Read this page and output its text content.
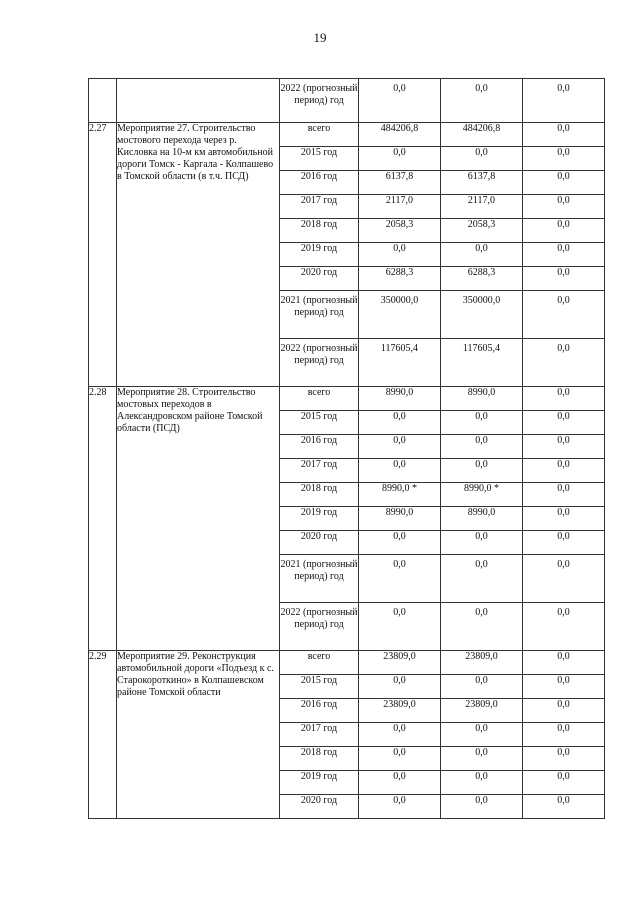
19
		2022 (прогнозный период) год	0,0	0,0	0,0
2.27	Мероприятие 27. Строительство мостового перехода через р. Кисловка на 10-м км автомобильной дороги Томск - Каргала - Колпашево в Томской области (в т.ч. ПСД)	всего	484206,8	484206,8	0,0
		2015 год	0,0	0,0	0,0
		2016 год	6137,8	6137,8	0,0
		2017 год	2117,0	2117,0	0,0
		2018 год	2058,3	2058,3	0,0
		2019 год	0,0	0,0	0,0
		2020 год	6288,3	6288,3	0,0
		2021 (прогнозный период) год	350000,0	350000,0	0,0
		2022 (прогнозный период) год	117605,4	117605,4	0,0
2.28	Мероприятие 28. Строительство мостовых переходов в Александровском районе Томской области (ПСД)	всего	8990,0	8990,0	0,0
		2015 год	0,0	0,0	0,0
		2016 год	0,0	0,0	0,0
		2017 год	0,0	0,0	0,0
		2018 год	8990,0 *	8990,0 *	0,0
		2019 год	8990,0	8990,0	0,0
		2020 год	0,0	0,0	0,0
		2021 (прогнозный период) год	0,0	0,0	0,0
		2022 (прогнозный период) год	0,0	0,0	0,0
2.29	Мероприятие 29. Реконструкция автомобильной дороги «Подъезд к с. Старокороткино» в Колпашевском районе Томской области	всего	23809,0	23809,0	0,0
		2015 год	0,0	0,0	0,0
		2016 год	23809,0	23809,0	0,0
		2017 год	0,0	0,0	0,0
		2018 год	0,0	0,0	0,0
		2019 год	0,0	0,0	0,0
		2020 год	0,0	0,0	0,0
